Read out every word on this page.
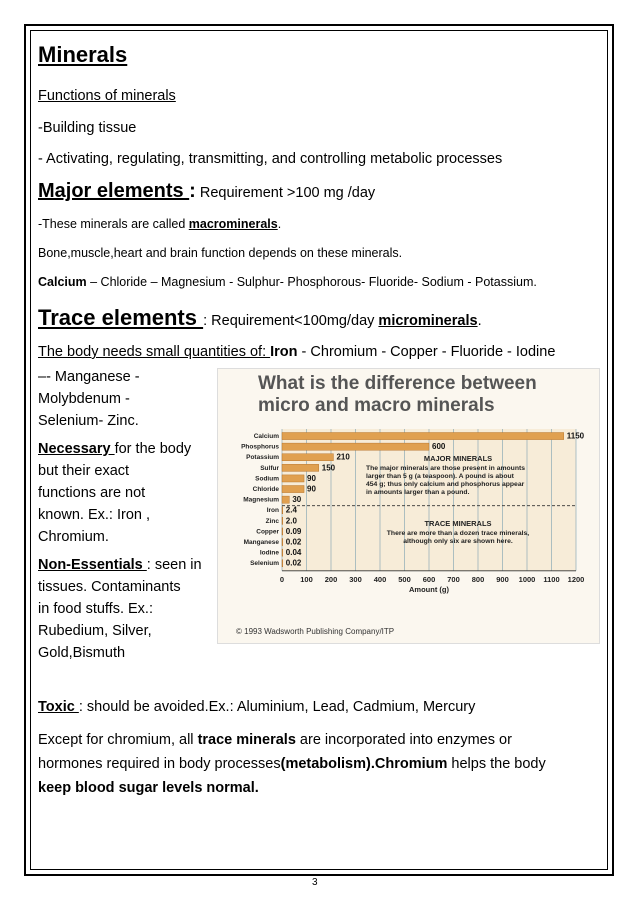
Minerals
Functions of minerals
-Building tissue
- Activating, regulating, transmitting, and controlling metabolic processes
Major elements : Requirement >100 mg /day
-These minerals are called macrominerals.
Bone,muscle,heart and brain function depends on these minerals.
Calcium – Chloride – Magnesium - Sulphur- Phosphorous- Fluoride- Sodium - Potassium.
Trace elements : Requirement<100mg/day microminerals.
The body needs small quantities of: Iron - Chromium - Copper - Fluoride - Iodine
–- Manganese -
Molybdenum -
Selenium- Zinc.
Necessary for the body
but their exact
functions are not
known. Ex.: Iron ,
Chromium.
Non-Essentials : seen in
tissues. Contaminants
in food stuffs. Ex.:
Rubedium, Silver,
Gold,Bismuth
Toxic : should be avoided.Ex.: Aluminium, Lead, Cadmium, Mercury
Except for chromium, all trace minerals are incorporated into enzymes or
hormones required in body processes(metabolism).Chromium helps the body
keep blood sugar levels normal.
What is the difference between micro and macro minerals
Calcium	1150
Phosphorus	600
Potassium	210
Sulfur	150
Sodium	90
Chloride	90
Magnesium 30
Iron 2.4
Zinc 2.0
Copper 0.09
Manganese 0.02
Iodine 0.04
Selenium 0.02
0 100 200 300 400 500 600 700 800 900 1000 1100 1200
Amount (g)
MAJOR MINERALS
The major minerals are those present in amounts
larger than 5 g (a teaspoon). A pound is about
454 g; thus only calcium and phosphorus appear
in amounts larger than a pound.
TRACE MINERALS
There are more than a dozen trace minerals,
although only six are shown here.
© 1993 Wadsworth Publishing Company/ITP
3
